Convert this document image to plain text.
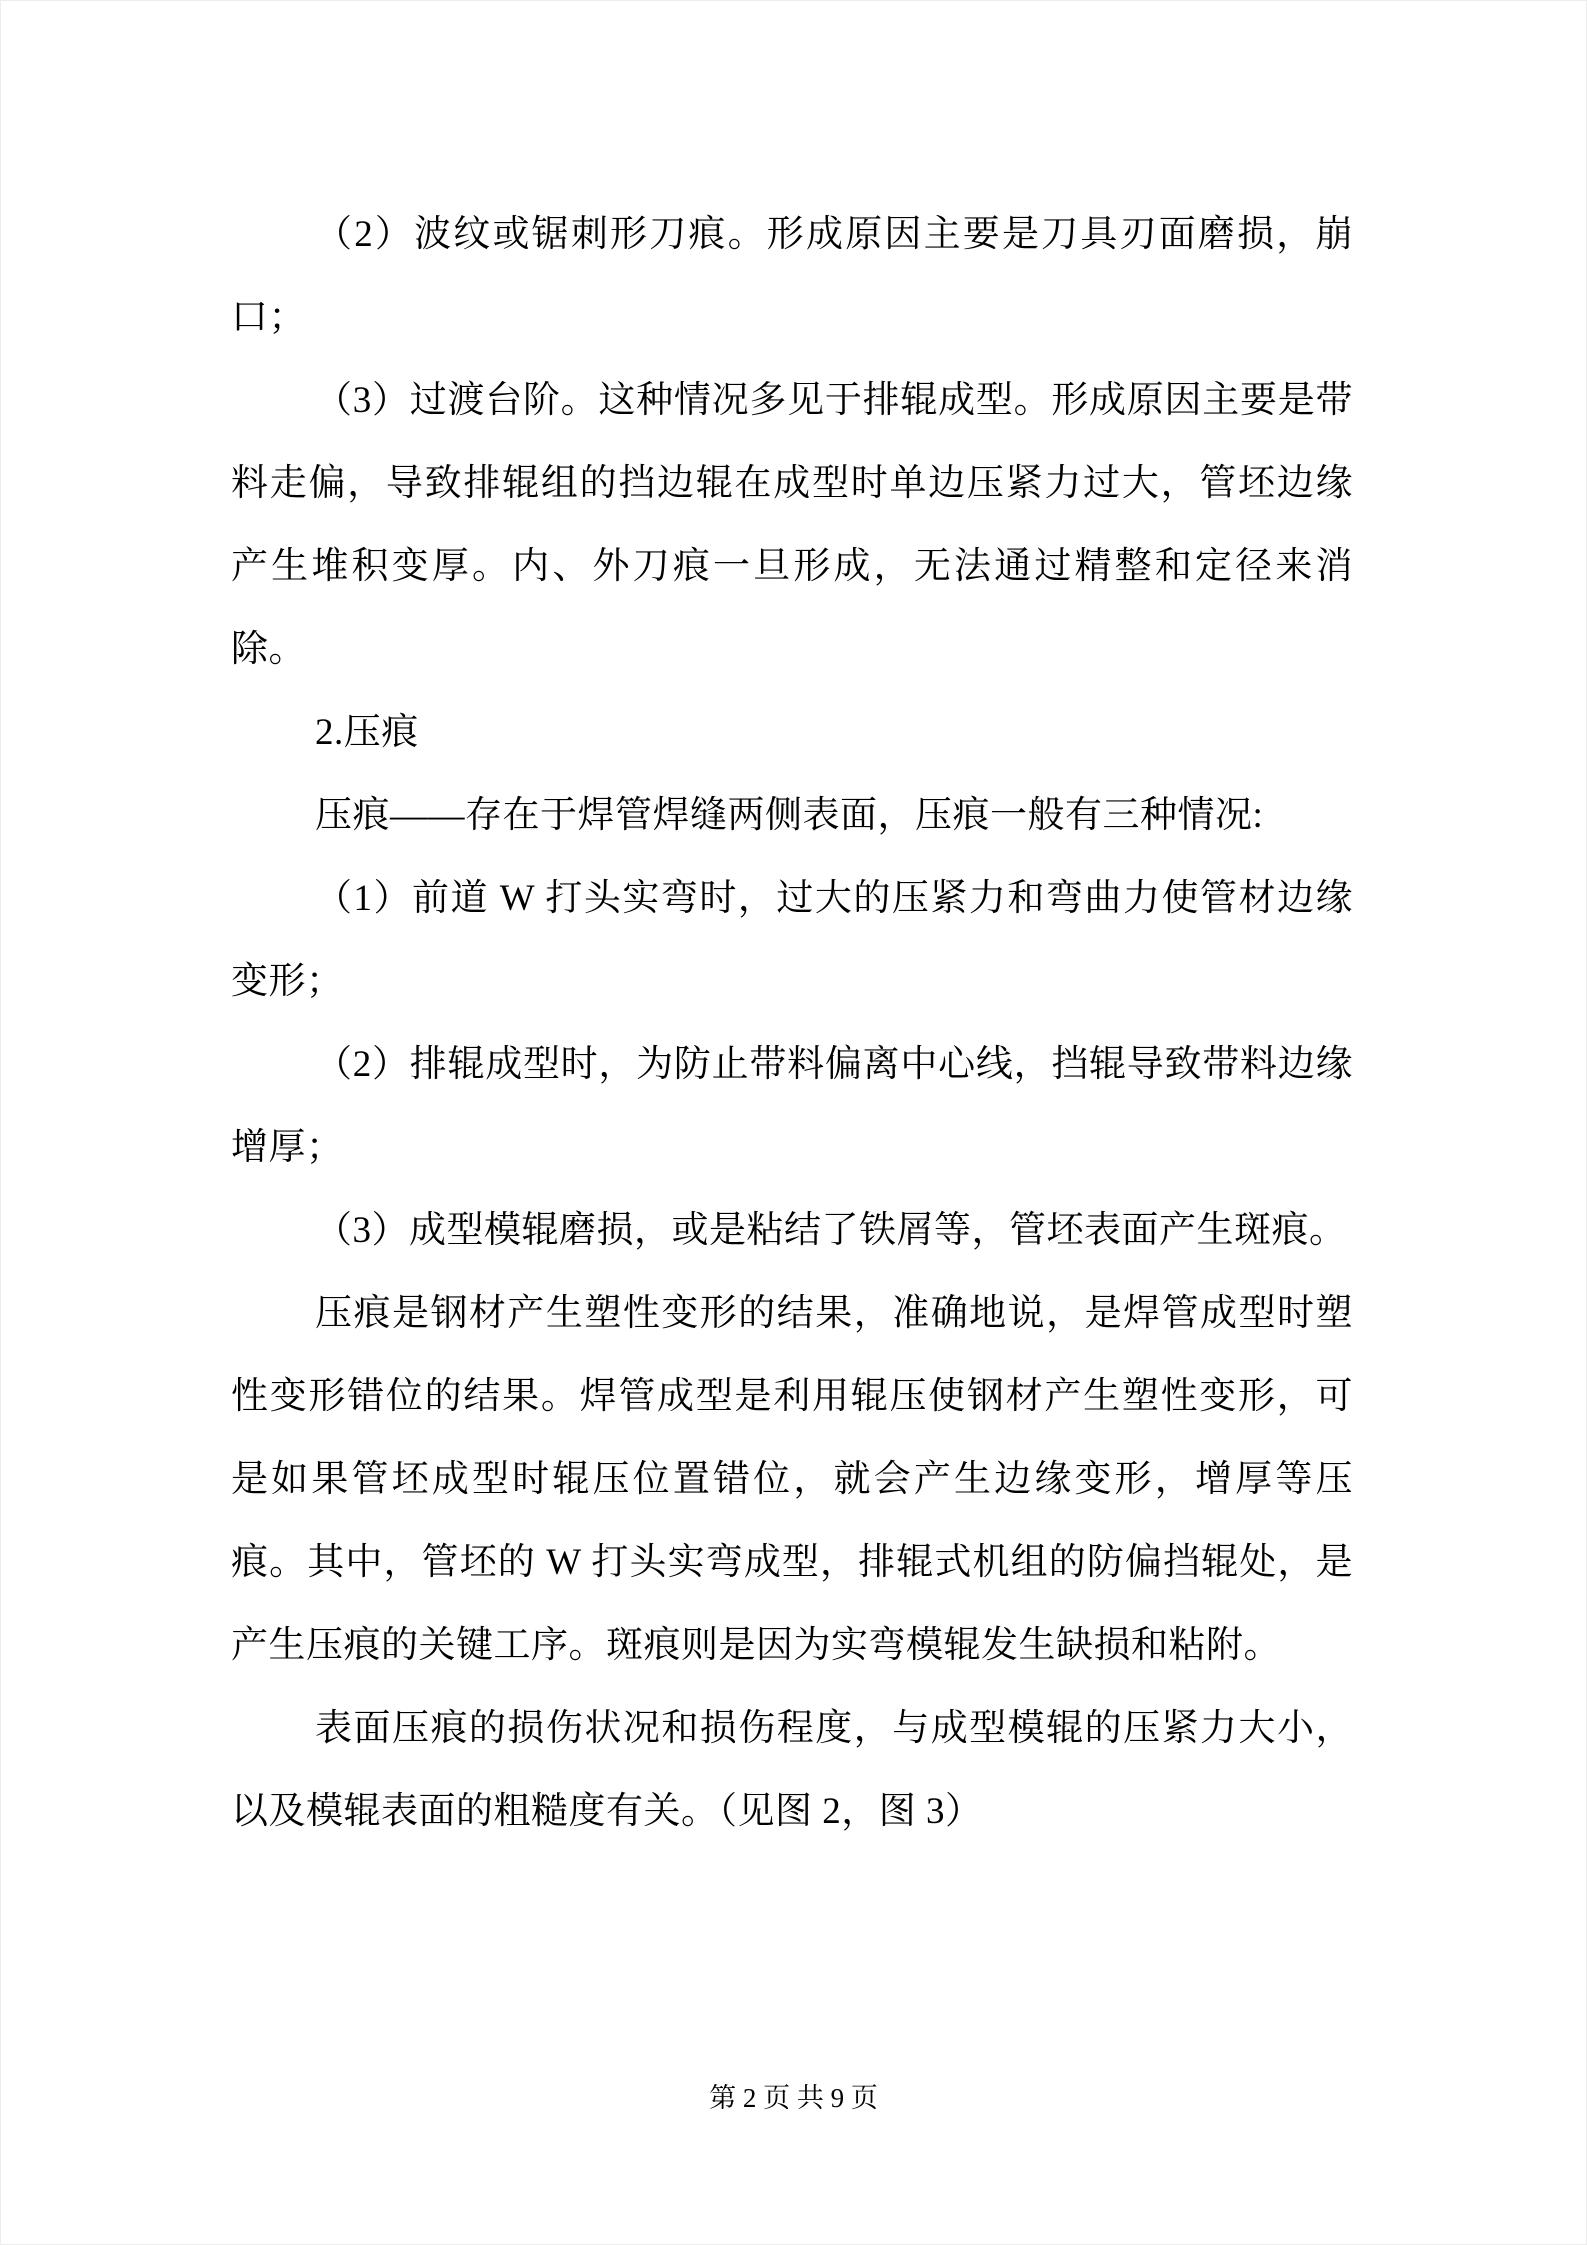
（2）波纹或锯刺形刀痕。形成原因主要是刀具刃面磨损，崩口；

（3）过渡台阶。这种情况多见于排辊成型。形成原因主要是带料走偏，导致排辊组的挡边辊在成型时单边压紧力过大，管坯边缘产生堆积变厚。内、外刀痕一旦形成，无法通过精整和定径来消除。

2.压痕

压痕——存在于焊管焊缝两侧表面，压痕一般有三种情况:

（1）前道 W 打头实弯时，过大的压紧力和弯曲力使管材边缘变形；

（2）排辊成型时，为防止带料偏离中心线，挡辊导致带料边缘增厚；

（3）成型模辊磨损，或是粘结了铁屑等，管坯表面产生斑痕。

压痕是钢材产生塑性变形的结果，准确地说，是焊管成型时塑性变形错位的结果。焊管成型是利用辊压使钢材产生塑性变形，可是如果管坯成型时辊压位置错位，就会产生边缘变形，增厚等压痕。其中，管坯的 W 打头实弯成型，排辊式机组的防偏挡辊处，是产生压痕的关键工序。斑痕则是因为实弯模辊发生缺损和粘附。

表面压痕的损伤状况和损伤程度，与成型模辊的压紧力大小，以及模辊表面的粗糙度有关。（见图 2，图 3）

第 2 页 共 9 页
